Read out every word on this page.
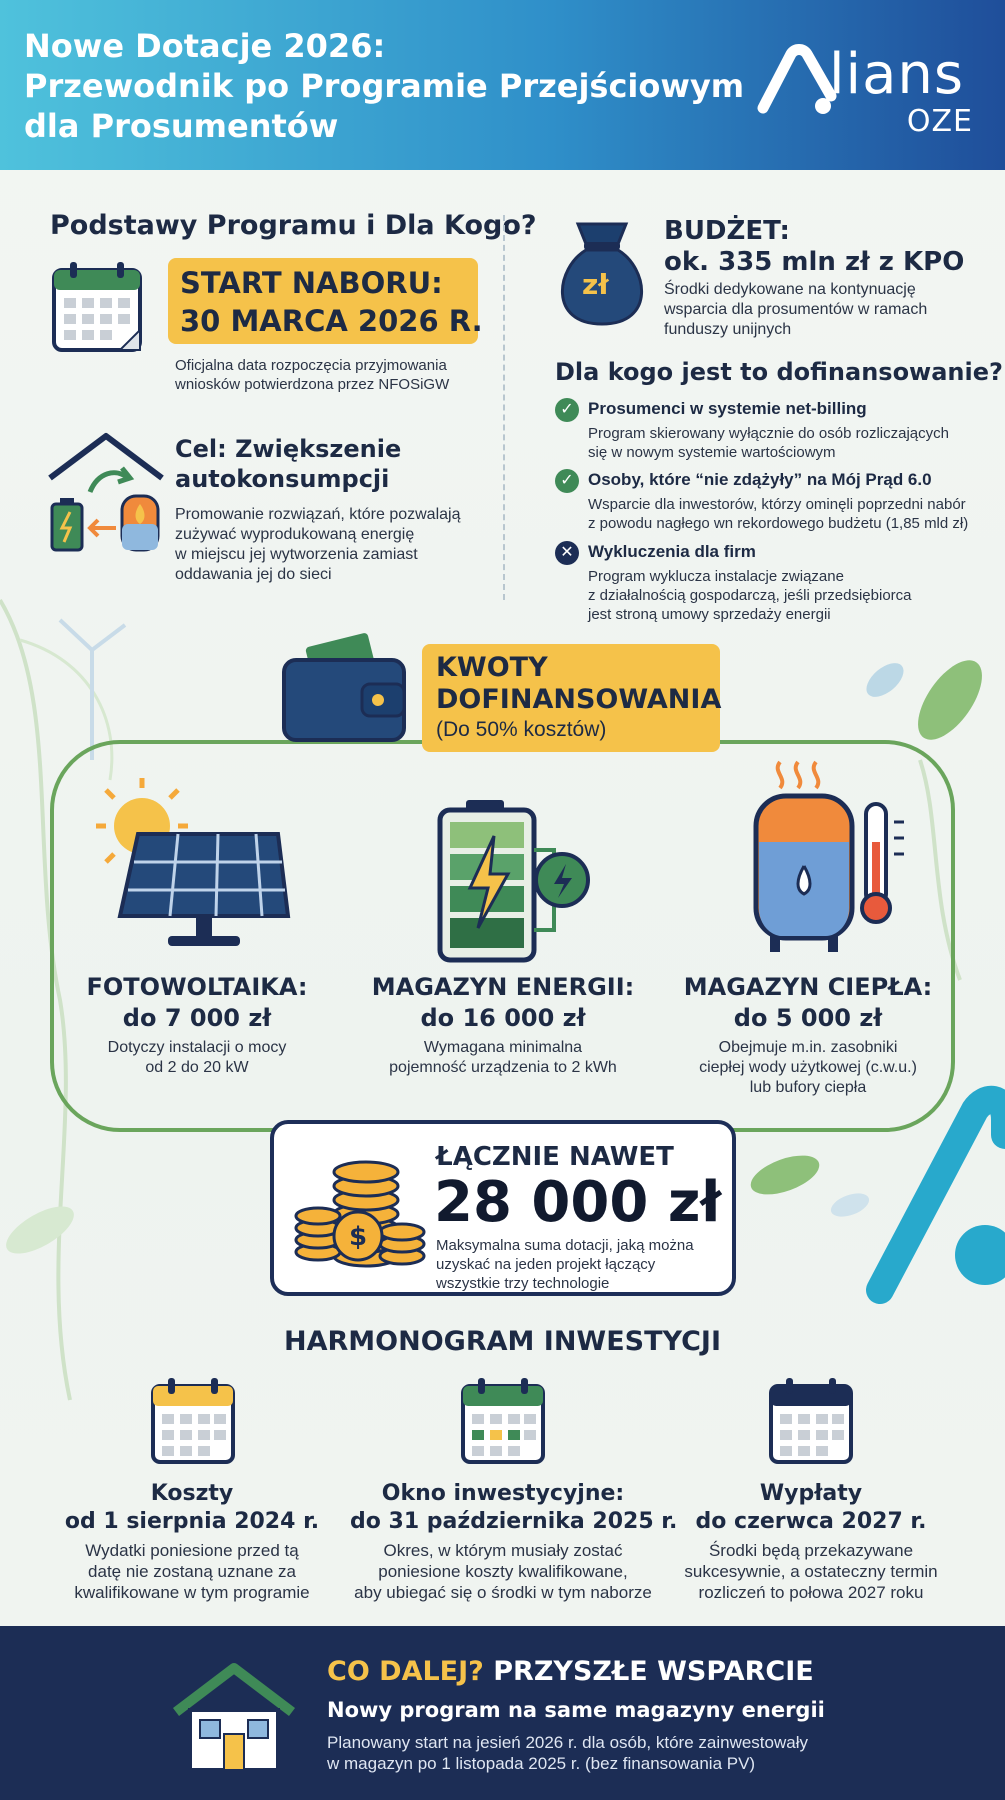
Nowe Dotacje 2026:
Przewodnik po Programie Przejściowym
dla Prosumentów
lians
OZE
Podstawy Programu i Dla Kogo?
START NABORU:
30 MARCA 2026 R.
Oficjalna data rozpoczęcia przyjmowania
wniosków potwierdzona przez NFOSiGW
Cel: Zwiększenie
autokonsumpcji
Promowanie rozwiązań, które pozwalają
zużywać wyprodukowaną energię
w miejscu jej wytworzenia zamiast
oddawania jej do sieci
zł
BUDŻET:
ok. 335 mln zł z KPO
Środki dedykowane na kontynuację
wsparcia dla prosumentów w ramach
funduszy unijnych
Dla kogo jest to dofinansowanie?
✓ Prosumenci w systemie net-billing
Program skierowany wyłącznie do osób rozliczających
się w nowym systemie wartościowym
✓ Osoby, które “nie zdążyły” na Mój Prąd 6.0
Wsparcie dla inwestorów, którzy ominęli poprzedni nabór
z powodu nagłego wn rekordowego budżetu (1,85 mld zł)
✕ Wykluczenia dla firm
Program wyklucza instalacje związane
z działalnością gospodarczą, jeśli przedsiębiorca
jest stroną umowy sprzedaży energii
KWOTY
DOFINANSOWANIA
(Do 50% kosztów)
FOTOWOLTAIKA:
do 7 000 zł
Dotyczy instalacji o mocy
od 2 do 20 kW
MAGAZYN ENERGII:
do 16 000 zł
Wymagana minimalna
pojemność urządzenia to 2 kWh
MAGAZYN CIEPŁA:
do 5 000 zł
Obejmuje m.in. zasobniki
ciepłej wody użytkowej (c.w.u.)
lub bufory ciepła
$
ŁĄCZNIE NAWET
28 000 zł
Maksymalna suma dotacji, jaką można
uzyskać na jeden projekt łączący
wszystkie trzy technologie
HARMONOGRAM INWESTYCJI
Koszty
od 1 sierpnia 2024 r.
Wydatki poniesione przed tą
datę nie zostaną uznane za
kwalifikowane w tym programie
Okno inwestycyjne:
do 31 października 2025 r.
Okres, w którym musiały zostać
poniesione koszty kwalifikowane,
aby ubiegać się o środki w tym naborze
Wypłaty
do czerwca 2027 r.
Środki będą przekazywane
sukcesywnie, a ostateczny termin
rozliczeń to połowa 2027 roku
CO DALEJ? PRZYSZŁE WSPARCIE
Nowy program na same magazyny energii
Planowany start na jesień 2026 r. dla osób, które zainwestowały
w magazyn po 1 listopada 2025 r. (bez finansowania PV)
